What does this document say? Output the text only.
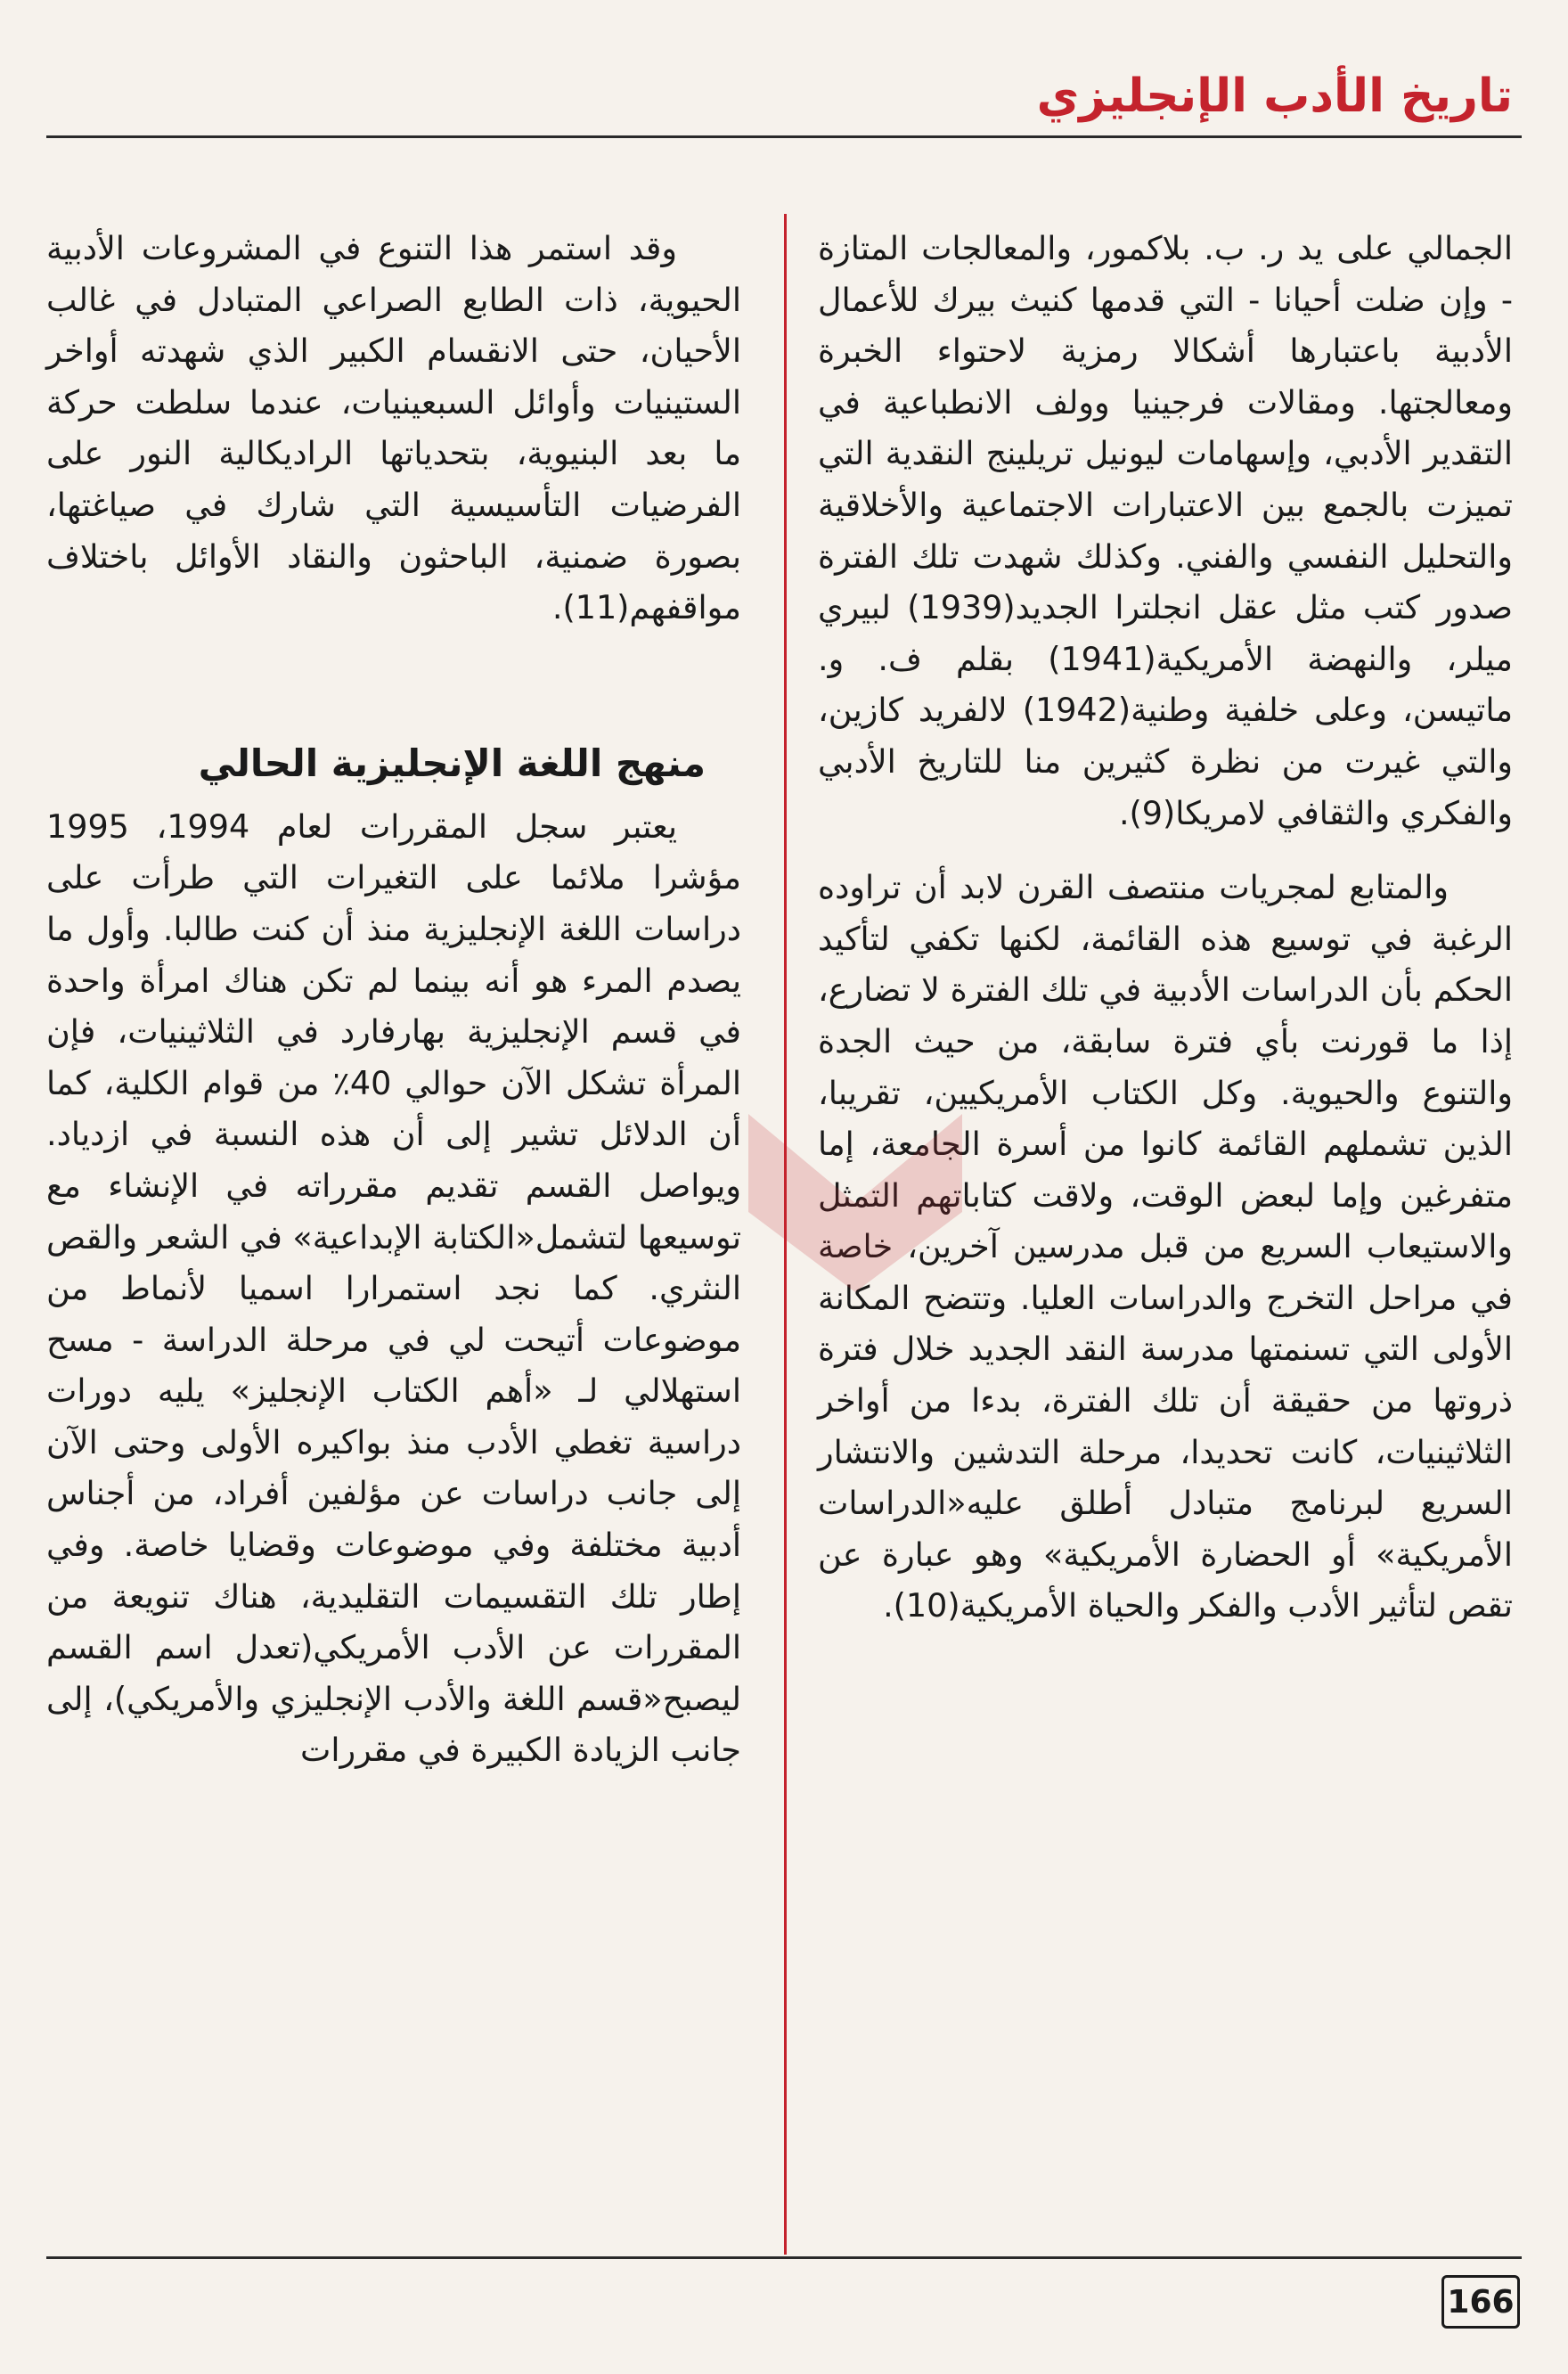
تاريخ الأدب الإنجليزي

الجمالي على يد ر. ب. بلاكمور، والمعالجات المتازة - وإن ضلت أحيانا - التي قدمها كنيث بيرك للأعمال الأدبية باعتبارها أشكالا رمزية لاحتواء الخبرة ومعالجتها. ومقالات فرجينيا وولف الانطباعية في التقدير الأدبي، وإسهامات ليونيل تريلينج النقدية التي تميزت بالجمع بين الاعتبارات الاجتماعية والأخلاقية والتحليل النفسي والفني. وكذلك شهدت تلك الفترة صدور كتب مثل عقل انجلترا الجديد(1939) لبيري ميلر، والنهضة الأمريكية(1941) بقلم ف. و. ماتيسن، وعلى خلفية وطنية(1942) لالفريد كازين، والتي غيرت من نظرة كثيرين منا للتاريخ الأدبي والفكري والثقافي لامريكا(9).

والمتابع لمجريات منتصف القرن لابد أن تراوده الرغبة في توسيع هذه القائمة، لكنها تكفي لتأكيد الحكم بأن الدراسات الأدبية في تلك الفترة لا تضارع، إذا ما قورنت بأي فترة سابقة، من حيث الجدة والتنوع والحيوية. وكل الكتاب الأمريكيين، تقريبا، الذين تشملهم القائمة كانوا من أسرة الجامعة، إما متفرغين وإما لبعض الوقت، ولاقت كتاباتهم التمثل والاستيعاب السريع من قبل مدرسين آخرين، خاصة في مراحل التخرج والدراسات العليا. وتتضح المكانة الأولى التي تسنمتها مدرسة النقد الجديد خلال فترة ذروتها من حقيقة أن تلك الفترة، بدءا من أواخر الثلاثينيات، كانت تحديدا، مرحلة التدشين والانتشار السريع لبرنامج متبادل أطلق عليه«الدراسات الأمريكية» أو الحضارة الأمريكية» وهو عبارة عن تقص لتأثير الأدب والفكر والحياة الأمريكية(10).

وقد استمر هذا التنوع في المشروعات الأدبية الحيوية، ذات الطابع الصراعي المتبادل في غالب الأحيان، حتى الانقسام الكبير الذي شهدته أواخر الستينيات وأوائل السبعينيات، عندما سلطت حركة ما بعد البنيوية، بتحدياتها الراديكالية النور على الفرضيات التأسيسية التي شارك في صياغتها، بصورة ضمنية، الباحثون والنقاد الأوائل باختلاف مواقفهم(11).

منهج اللغة الإنجليزية الحالي

يعتبر سجل المقررات لعام 1994، 1995 مؤشرا ملائما على التغيرات التي طرأت على دراسات اللغة الإنجليزية منذ أن كنت طالبا. وأول ما يصدم المرء هو أنه بينما لم تكن هناك امرأة واحدة في قسم الإنجليزية بهارفارد في الثلاثينيات، فإن المرأة تشكل الآن حوالي 40٪ من قوام الكلية، كما أن الدلائل تشير إلى أن هذه النسبة في ازدياد. ويواصل القسم تقديم مقرراته في الإنشاء مع توسيعها لتشمل«الكتابة الإبداعية» في الشعر والقص النثري. كما نجد استمرارا اسميا لأنماط من موضوعات أتيحت لي في مرحلة الدراسة - مسح استهلالي لـ «أهم الكتاب الإنجليز» يليه دورات دراسية تغطي الأدب منذ بواكيره الأولى وحتى الآن إلى جانب دراسات عن مؤلفين أفراد، من أجناس أدبية مختلفة وفي موضوعات وقضايا خاصة. وفي إطار تلك التقسيمات التقليدية، هناك تنويعة من المقررات عن الأدب الأمريكي(تعدل اسم القسم ليصبح«قسم اللغة والأدب الإنجليزي والأمريكي)، إلى جانب الزيادة الكبيرة في مقررات

166
